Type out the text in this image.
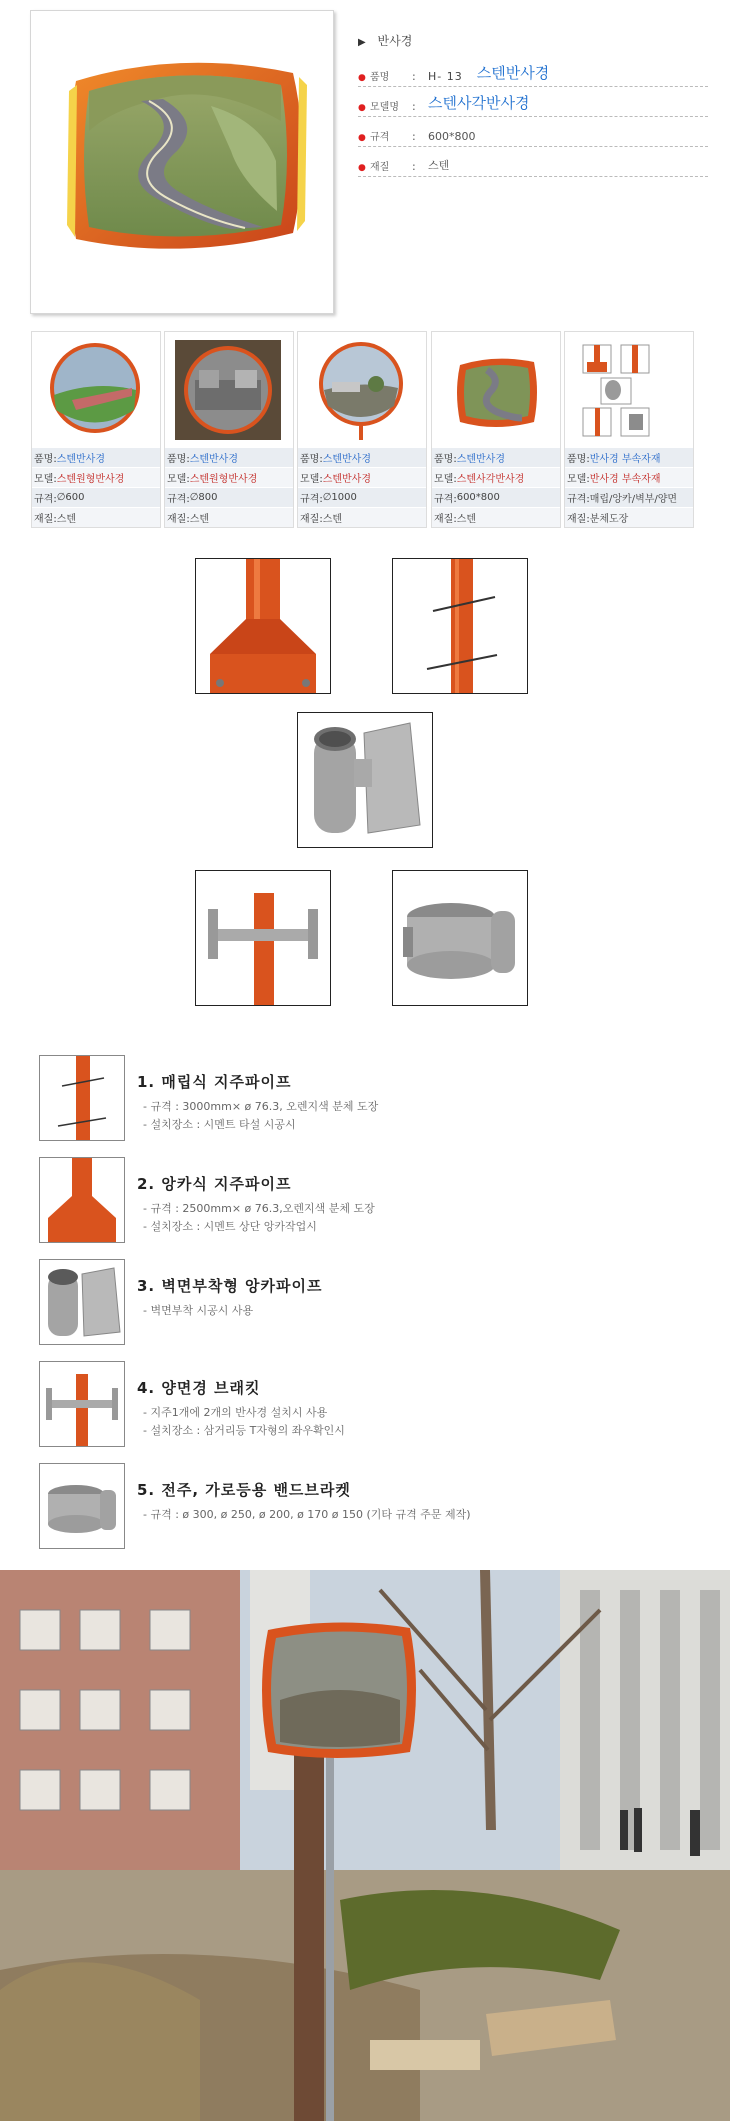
▶ 반사경
● 품명	:	H- 13 스텐반사경
● 모델명	: 스텐사각반사경
● 규격	:	600*800
● 재질	:	스텐
품명: 스텐반사경
모델: 스텐원형반사경
규격: ∅600
재질: 스텐
품명: 스텐반사경
모델: 스텐원형반사경
규격: ∅800
재질: 스텐
품명: 스텐반사경
모델: 스텐반사경
규격: ∅1000
재질: 스텐
품명: 스텐반사경
모델: 스텐사각반사경
규격: 600*800
재질: 스텐
품명: 반사경 부속자재
모델: 반사경 부속자재
규격: 매립/앙카/벽부/양면
재질: 분체도장
1. 매립식 지주파이프
- 규격 : 3000mm× ø 76.3, 오렌지색 분체 도장
- 설치장소 : 시멘트 타설 시공시
2. 앙카식 지주파이프
- 규격 : 2500mm× ø 76.3,오렌지색 분체 도장
- 설치장소 : 시멘트 상단 앙카작업시
3. 벽면부착형 앙카파이프
- 벽면부착 시공시 사용
4. 양면경 브래킷
- 지주1개에 2개의 반사경 설치시 사용
- 설치장소 : 삼거리등 T자형의 좌우확인시
5. 전주, 가로등용 밴드브라켓
- 규격 : ø 300, ø 250, ø 200, ø 170 ø 150 (기타 규격 주문 제작)
